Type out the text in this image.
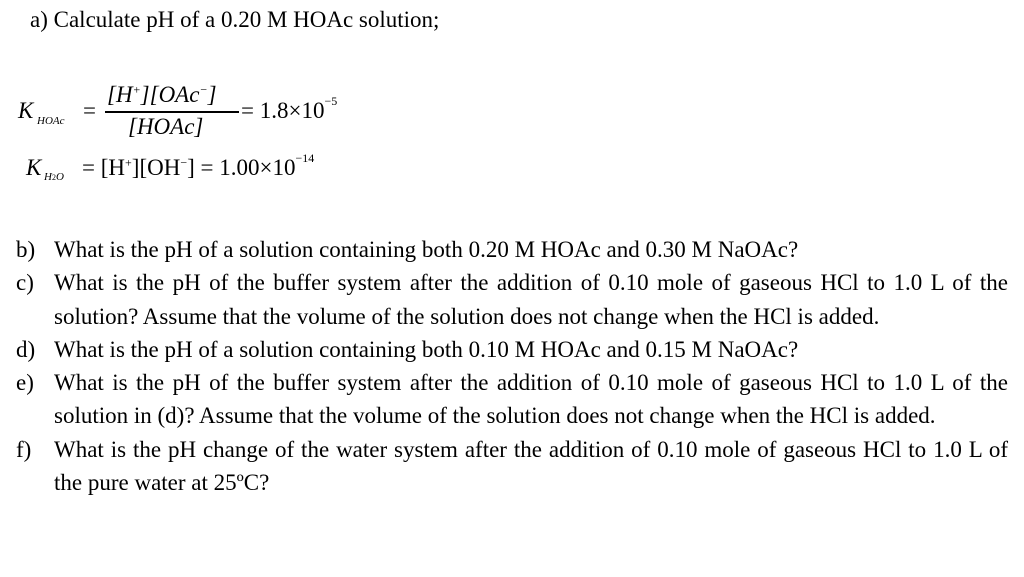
a) Calculate pH of a 0.20 M HOAc solution;
K HOAc =
[H+][OAc−]
[HOAc]
= $1.8\times 10^{-5}$
K $H2O = [H^+][OH^-] = 1.00\times 10^{-14}$
b) What is the pH of a solution containing both 0.20 M HOAc and 0.30 M NaOAc?
c) What is the pH of the buffer system after the addition of 0.10 mole of gaseous HCl to 1.0 L of the solution? Assume that the volume of the solution does not change when the HCl is added.
d) What is the pH of a solution containing both 0.10 M HOAc and 0.15 M NaOAc?
e) What is the pH of the buffer system after the addition of 0.10 mole of gaseous HCl to 1.0 L of the solution in (d)? Assume that the volume of the solution does not change when the HCl is added.
f) What is the pH change of the water system after the addition of 0.10 mole of gaseous HCl to 1.0 L of the pure water at 25ºC?
